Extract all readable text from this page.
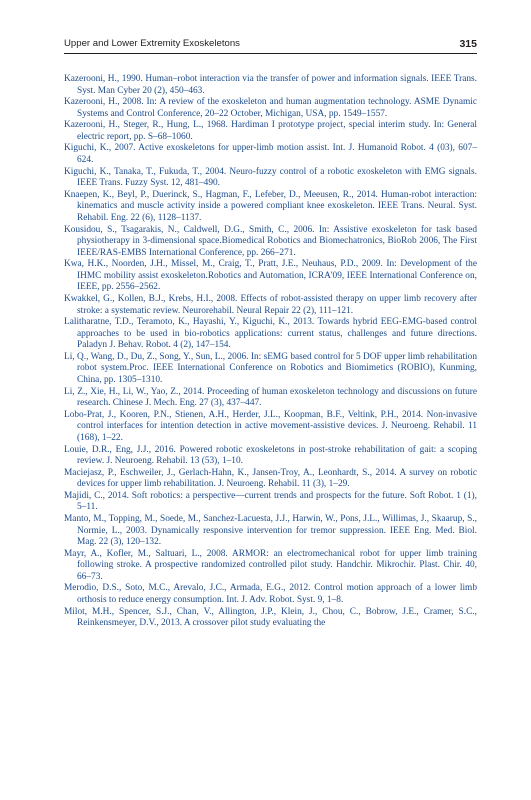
Upper and Lower Extremity Exoskeletons	315
Kazerooni, H., 1990. Human–robot interaction via the transfer of power and information signals. IEEE Trans. Syst. Man Cyber 20 (2), 450–463.
Kazerooni, H., 2008. In: A review of the exoskeleton and human augmentation technology. ASME Dynamic Systems and Control Conference, 20–22 October, Michigan, USA, pp. 1549–1557.
Kazerooni, H., Steger, R., Hung, L., 1968. Hardiman I prototype project, special interim study. In: General electric report, pp. S–68–1060.
Kiguchi, K., 2007. Active exoskeletons for upper-limb motion assist. Int. J. Humanoid Robot. 4 (03), 607–624.
Kiguchi, K., Tanaka, T., Fukuda, T., 2004. Neuro-fuzzy control of a robotic exoskeleton with EMG signals. IEEE Trans. Fuzzy Syst. 12, 481–490.
Knaepen, K., Beyl, P., Duerinck, S., Hagman, F., Lefeber, D., Meeusen, R., 2014. Human-robot interaction: kinematics and muscle activity inside a powered compliant knee exoskeleton. IEEE Trans. Neural. Syst. Rehabil. Eng. 22 (6), 1128–1137.
Kousidou, S., Tsagarakis, N., Caldwell, D.G., Smith, C., 2006. In: Assistive exoskeleton for task based physiotherapy in 3-dimensional space.Biomedical Robotics and Biomechatronics, BioRob 2006, The First IEEE/RAS-EMBS International Conference, pp. 266–271.
Kwa, H.K., Noorden, J.H., Missel, M., Craig, T., Pratt, J.E., Neuhaus, P.D., 2009. In: Development of the IHMC mobility assist exoskeleton.Robotics and Automation, ICRA'09, IEEE International Conference on, IEEE, pp. 2556–2562.
Kwakkel, G., Kollen, B.J., Krebs, H.I., 2008. Effects of robot-assisted therapy on upper limb recovery after stroke: a systematic review. Neurorehabil. Neural Repair 22 (2), 111–121.
Lalitharatne, T.D., Teramoto, K., Hayashi, Y., Kiguchi, K., 2013. Towards hybrid EEG-EMG-based control approaches to be used in bio-robotics applications: current status, challenges and future directions. Paladyn J. Behav. Robot. 4 (2), 147–154.
Li, Q., Wang, D., Du, Z., Song, Y., Sun, L., 2006. In: sEMG based control for 5 DOF upper limb rehabilitation robot system.Proc. IEEE International Conference on Robotics and Biomimetics (ROBIO), Kunming, China, pp. 1305–1310.
Li, Z., Xie, H., Li, W., Yao, Z., 2014. Proceeding of human exoskeleton technology and discussions on future research. Chinese J. Mech. Eng. 27 (3), 437–447.
Lobo-Prat, J., Kooren, P.N., Stienen, A.H., Herder, J.L., Koopman, B.F., Veltink, P.H., 2014. Non-invasive control interfaces for intention detection in active movement-assistive devices. J. Neuroeng. Rehabil. 11 (168), 1–22.
Louie, D.R., Eng, J.J., 2016. Powered robotic exoskeletons in post-stroke rehabilitation of gait: a scoping review. J. Neuroeng. Rehabil. 13 (53), 1–10.
Maciejasz, P., Eschweiler, J., Gerlach-Hahn, K., Jansen-Troy, A., Leonhardt, S., 2014. A survey on robotic devices for upper limb rehabilitation. J. Neuroeng. Rehabil. 11 (3), 1–29.
Majidi, C., 2014. Soft robotics: a perspective—current trends and prospects for the future. Soft Robot. 1 (1), 5–11.
Manto, M., Topping, M., Soede, M., Sanchez-Lacuesta, J.J., Harwin, W., Pons, J.L., Willimas, J., Skaarup, S., Normie, L., 2003. Dynamically responsive intervention for tremor suppression. IEEE Eng. Med. Biol. Mag. 22 (3), 120–132.
Mayr, A., Kofler, M., Saltuari, L., 2008. ARMOR: an electromechanical robot for upper limb training following stroke. A prospective randomized controlled pilot study. Handchir. Mikrochir. Plast. Chir. 40, 66–73.
Merodio, D.S., Soto, M.C., Arevalo, J.C., Armada, E.G., 2012. Control motion approach of a lower limb orthosis to reduce energy consumption. Int. J. Adv. Robot. Syst. 9, 1–8.
Milot, M.H., Spencer, S.J., Chan, V., Allington, J.P., Klein, J., Chou, C., Bobrow, J.E., Cramer, S.C., Reinkensmeyer, D.V., 2013. A crossover pilot study evaluating the
